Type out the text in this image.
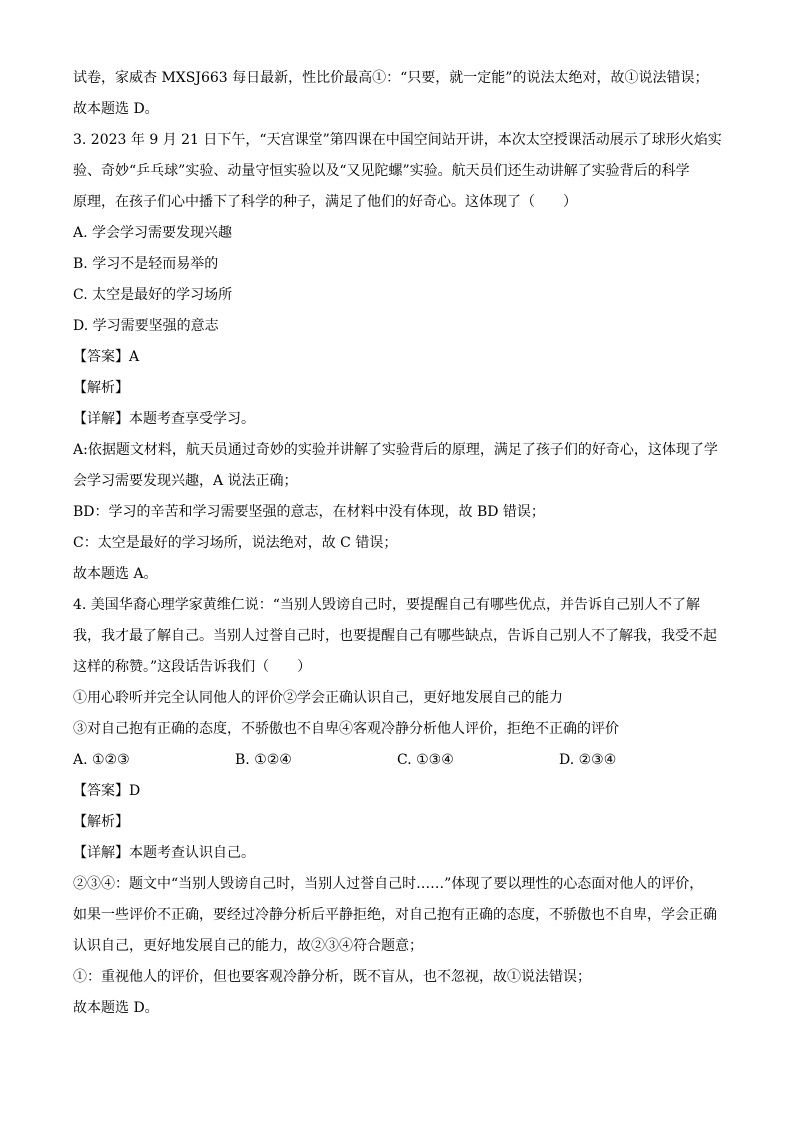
试卷，家威杏 MXSJ663 每日最新，性比价最高①：“只要，就一定能”的说法太绝对，故①说法错误；
故本题选 D。
3. 2023 年 9 月 21 日下午，“天宫课堂”第四课在中国空间站开讲，本次太空授课活动展示了球形火焰实
验、奇妙“乒乓球”实验、动量守恒实验以及“又见陀螺”实验。航天员们还生动讲解了实验背后的科学
原理，在孩子们心中播下了科学的种子，满足了他们的好奇心。这体现了（　　）
A. 学会学习需要发现兴趣
B. 学习不是轻而易举的
C. 太空是最好的学习场所
D. 学习需要坚强的意志
【答案】A
【解析】
【详解】本题考查享受学习。
A:依据题文材料，航天员通过奇妙的实验并讲解了实验背后的原理，满足了孩子们的好奇心，这体现了学
会学习需要发现兴趣，A 说法正确；
BD：学习的辛苦和学习需要坚强的意志，在材料中没有体现，故 BD 错误；
C：太空是最好的学习场所，说法绝对，故 C 错误；
故本题选 A。
4. 美国华裔心理学家黄维仁说：“当别人毁谤自己时，要提醒自己有哪些优点，并告诉自己别人不了解
我，我才最了解自己。当别人过誉自己时，也要提醒自己有哪些缺点，告诉自己别人不了解我，我受不起
这样的称赞。”这段话告诉我们（　　）
①用心聆听并完全认同他人的评价②学会正确认识自己，更好地发展自己的能力
③对自己抱有正确的态度，不骄傲也不自卑④客观冷静分析他人评价，拒绝不正确的评价
A. ①②③	B. ①②④	C. ①③④	D. ②③④
【答案】D
【解析】
【详解】本题考查认识自己。
②③④：题文中“当别人毁谤自己时，当别人过誉自己时……”体现了要以理性的心态面对他人的评价，
如果一些评价不正确，要经过冷静分析后平静拒绝，对自己抱有正确的态度，不骄傲也不自卑，学会正确
认识自己，更好地发展自己的能力，故②③④符合题意；
①：重视他人的评价，但也要客观冷静分析，既不盲从，也不忽视，故①说法错误；
故本题选 D。
